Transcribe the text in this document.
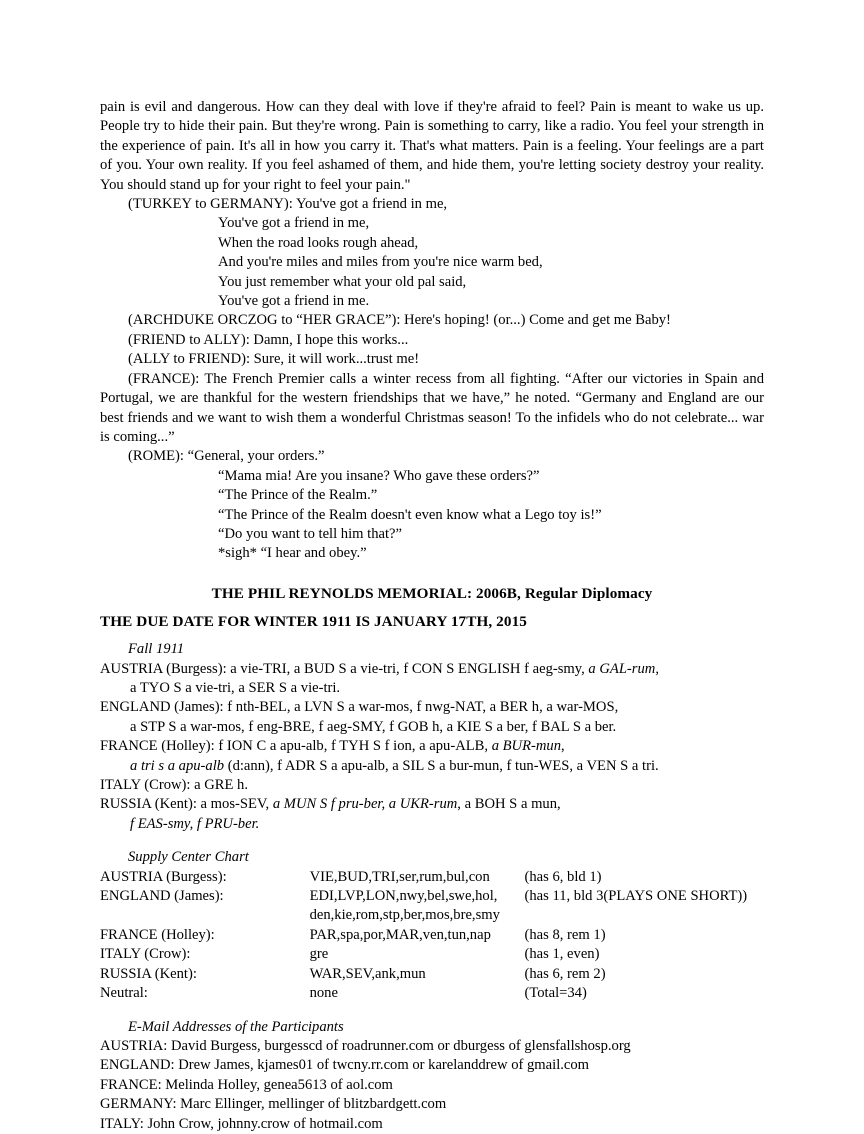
pain is evil and dangerous. How can they deal with love if they're afraid to feel? Pain is meant to wake us up. People try to hide their pain. But they're wrong. Pain is something to carry, like a radio. You feel your strength in the experience of pain. It's all in how you carry it. That's what matters. Pain is a feeling. Your feelings are a part of you. Your own reality. If you feel ashamed of them, and hide them, you're letting society destroy your reality. You should stand up for your right to feel your pain."

(TURKEY to GERMANY): You've got a friend in me,

You've got a friend in me,

When the road looks rough ahead,

And you're miles and miles from you're nice warm bed,

You just remember what your old pal said,

You've got a friend in me.

(ARCHDUKE ORCZOG to “HER GRACE”): Here's hoping! (or...) Come and get me Baby!

(FRIEND to ALLY): Damn, I hope this works...

(ALLY to FRIEND): Sure, it will work...trust me!

(FRANCE): The French Premier calls a winter recess from all fighting. “After our victories in Spain and Portugal, we are thankful for the western friendships that we have,” he noted. “Germany and England are our best friends and we want to wish them a wonderful Christmas season! To the infidels who do not celebrate... war is coming...”

(ROME): “General, your orders.”

“Mama mia! Are you insane? Who gave these orders?”

“The Prince of the Realm.”

“The Prince of the Realm doesn't even know what a Lego toy is!”

“Do you want to tell him that?”

*sigh* “I hear and obey.”

THE PHIL REYNOLDS MEMORIAL: 2006B, Regular Diplomacy

THE DUE DATE FOR WINTER 1911 IS JANUARY 17TH, 2015

Fall 1911

AUSTRIA (Burgess): a vie-TRI, a BUD S a vie-tri, f CON S ENGLISH f aeg-smy, a GAL-rum,

a TYO S a vie-tri, a SER S a vie-tri.

ENGLAND (James): f nth-BEL, a LVN S a war-mos, f nwg-NAT, a BER h, a war-MOS,

a STP S a war-mos, f eng-BRE, f aeg-SMY, f GOB h, a KIE S a ber, f BAL S a ber.

FRANCE (Holley): f ION C a apu-alb, f TYH S f ion, a apu-ALB, a BUR-mun,

a tri s a apu-alb (d:ann), f ADR S a apu-alb, a SIL S a bur-mun, f tun-WES, a VEN S a tri.

ITALY (Crow): a GRE h.

RUSSIA (Kent): a mos-SEV, a MUN S f pru-ber, a UKR-rum, a BOH S a mun,

f EAS-smy, f PRU-ber.

Supply Center Chart

AUSTRIA (Burgess):	VIE,BUD,TRI,ser,rum,bul,con	(has 6, bld 1)
ENGLAND (James):	EDI,LVP,LON,nwy,bel,swe,hol,	(has 11, bld 3(PLAYS ONE SHORT))
	den,kie,rom,stp,ber,mos,bre,smy	
FRANCE (Holley):	PAR,spa,por,MAR,ven,tun,nap	(has 8, rem 1)
ITALY (Crow):	gre	(has 1, even)
RUSSIA (Kent):	WAR,SEV,ank,mun	(has 6, rem 2)
Neutral:	none	(Total=34)

E-Mail Addresses of the Participants

AUSTRIA: David Burgess, burgesscd of roadrunner.com or dburgess of glensfallshosp.org

ENGLAND: Drew James, kjames01 of twcny.rr.com or karelanddrew of gmail.com

FRANCE: Melinda Holley, genea5613 of aol.com

GERMANY: Marc Ellinger, mellinger of blitzbardgett.com

ITALY: John Crow, johnny.crow of hotmail.com
